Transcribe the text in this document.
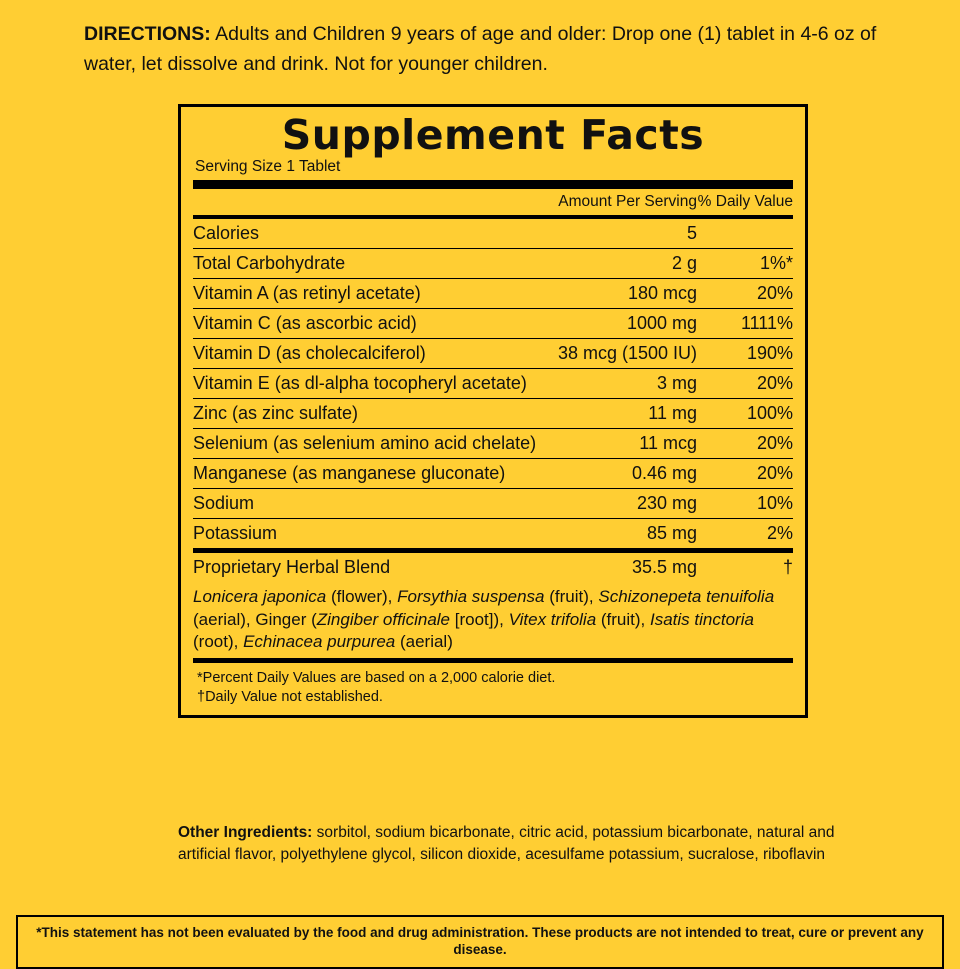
DIRECTIONS: Adults and Children 9 years of age and older: Drop one (1) tablet in 4-6 oz of water, let dissolve and drink. Not for younger children.
Supplement Facts
Serving Size 1 Tablet
	Amount Per Serving	% Daily Value

Calories	5	
Total Carbohydrate	2 g	1%*
Vitamin A (as retinyl acetate)	180 mcg	20%
Vitamin C (as ascorbic acid)	1000 mg	1111%
Vitamin D (as cholecalciferol)	38 mcg (1500 IU)	190%
Vitamin E (as dl-alpha tocopheryl acetate)	3 mg	20%
Zinc (as zinc sulfate)	11 mg	100%
Selenium (as selenium amino acid chelate)	11 mcg	20%
Manganese (as manganese gluconate)	0.46 mg	20%
Sodium	230 mg	10%
Potassium	85 mg	2%
Proprietary Herbal Blend	35.5 mg	†
Lonicera japonica (flower), Forsythia suspensa (fruit), Schizonepeta tenuifolia (aerial), Ginger (Zingiber officinale [root]), Vitex trifolia (fruit), Isatis tinctoria (root), Echinacea purpurea (aerial)
*Percent Daily Values are based on a 2,000 calorie diet.
†Daily Value not established.
Other Ingredients: sorbitol, sodium bicarbonate, citric acid, potassium bicarbonate, natural and artificial flavor, polyethylene glycol, silicon dioxide, acesulfame potassium, sucralose, riboflavin
*This statement has not been evaluated by the food and drug administration. These products are not intended to treat, cure or prevent any disease.
